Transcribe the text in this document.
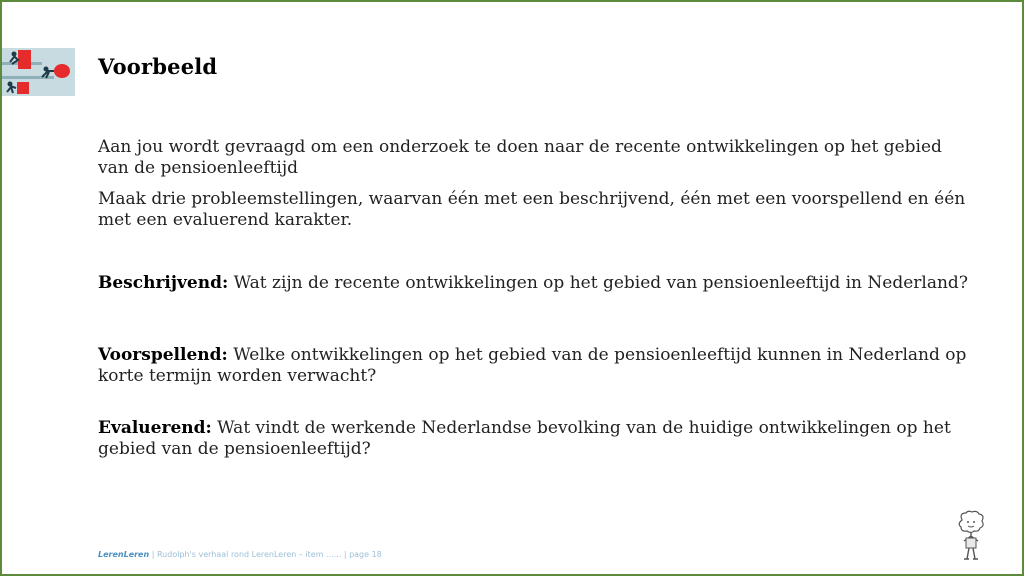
Voorbeeld

Aan jou wordt gevraagd om een onderzoek te doen naar de recente ontwikkelingen op het gebied van de pensioenleeftijd

Maak drie probleemstellingen, waarvan één met een beschrijvend, één met een voorspellend en één met een evaluerend karakter.

Beschrijvend: Wat zijn de recente ontwikkelingen op het gebied van pensioenleeftijd in Nederland?

Voorspellend: Welke ontwikkelingen op het gebied van de pensioenleeftijd kunnen in Nederland op korte termijn worden verwacht?

Evaluerend: Wat vindt de werkende Nederlandse bevolking van de huidige ontwikkelingen op het gebied van de pensioenleeftijd?

LerenLeren | Rudolph's verhaal rond LerenLeren – item ...... | page 18
